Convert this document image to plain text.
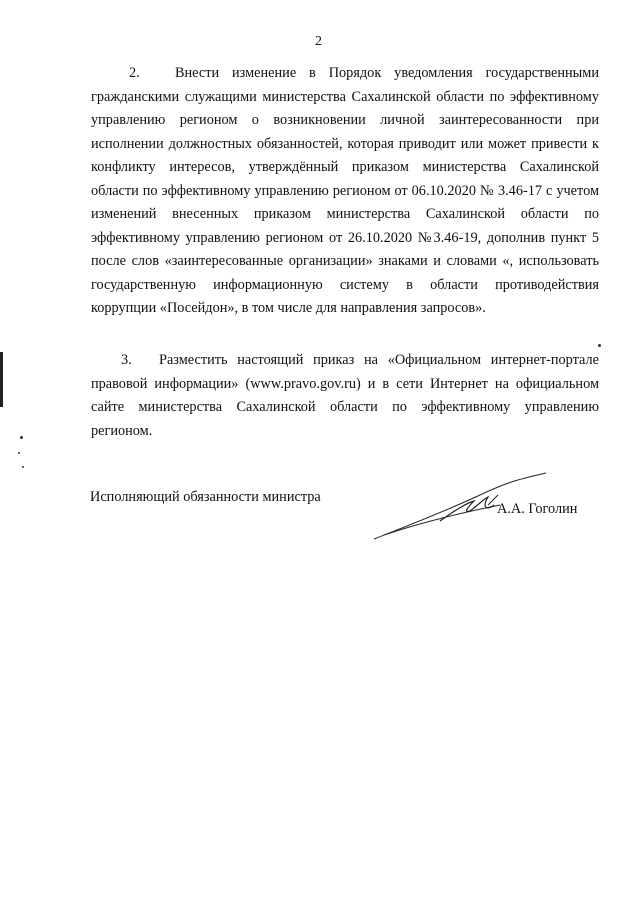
2

2. Внести изменение в Порядок уведомления государственными гражданскими служащими министерства Сахалинской области по эффективному управлению регионом о возникновении личной заинтересованности при исполнении должностных обязанностей, которая приводит или может привести к конфликту интересов, утверждённый приказом министерства Сахалинской области по эффективному управлению регионом от 06.10.2020 № 3.46-17 с учетом изменений внесенных приказом министерства Сахалинской области по эффективному управлению регионом от 26.10.2020 №3.46-19, дополнив пункт 5 после слов «заинтересованные организации» знаками и словами «, использовать государственную информационную систему в области противодействия коррупции «Посейдон», в том числе для направления запросов».

3. Разместить настоящий приказ на «Официальном интернет-портале правовой информации» (www.pravo.gov.ru) и в сети Интернет на официальном сайте министерства Сахалинской области по эффективному управлению регионом.

Исполняющий обязанности министра
А.А. Гоголин
